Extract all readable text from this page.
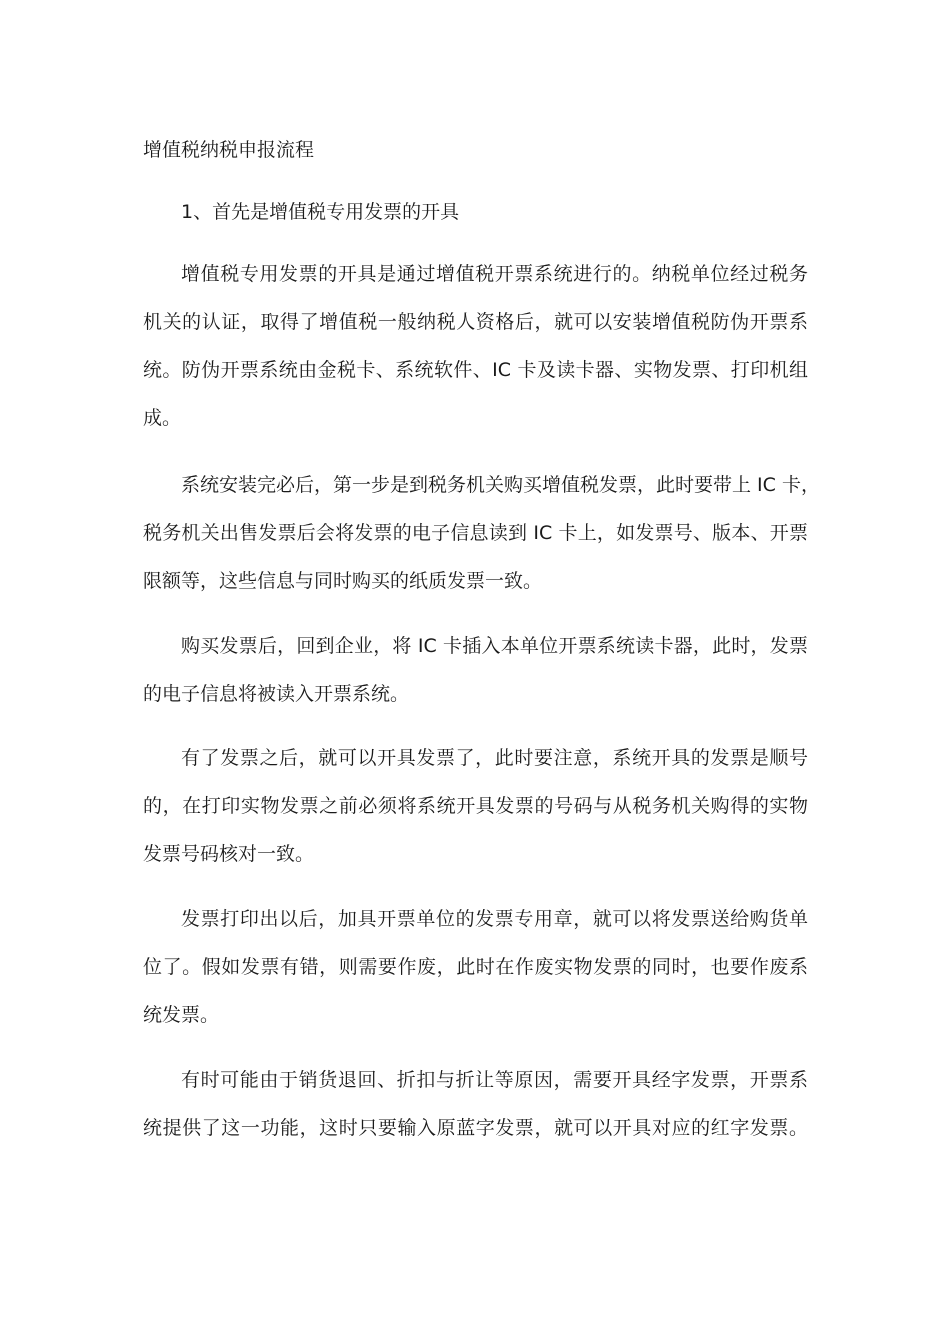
增值税纳税申报流程
1、首先是增值税专用发票的开具
增值税专用发票的开具是通过增值税开票系统进行的。纳税单位经过税务
机关的认证，取得了增值税一般纳税人资格后，就可以安装增值税防伪开票系
统。防伪开票系统由金税卡、系统软件、IC 卡及读卡器、实物发票、打印机组
成。
系统安装完必后，第一步是到税务机关购买增值税发票，此时要带上 IC 卡，
税务机关出售发票后会将发票的电子信息读到 IC 卡上，如发票号、版本、开票
限额等，这些信息与同时购买的纸质发票一致。
购买发票后，回到企业，将 IC 卡插入本单位开票系统读卡器，此时，发票
的电子信息将被读入开票系统。
有了发票之后，就可以开具发票了，此时要注意，系统开具的发票是顺号
的，在打印实物发票之前必须将系统开具发票的号码与从税务机关购得的实物
发票号码核对一致。
发票打印出以后，加具开票单位的发票专用章，就可以将发票送给购货单
位了。假如发票有错，则需要作废，此时在作废实物发票的同时，也要作废系
统发票。
有时可能由于销货退回、折扣与折让等原因，需要开具经字发票，开票系
统提供了这一功能，这时只要输入原蓝字发票，就可以开具对应的红字发票。
